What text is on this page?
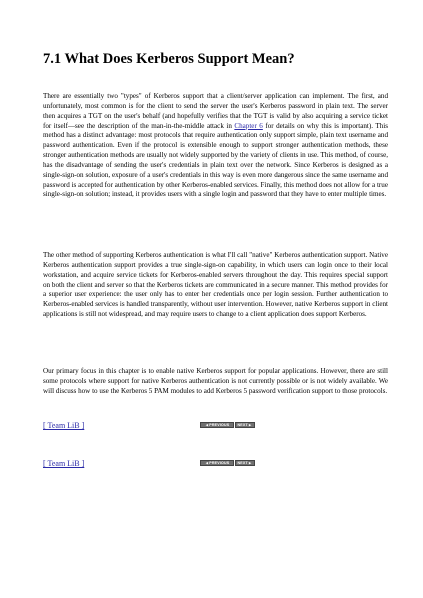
7.1 What Does Kerberos Support Mean?

There are essentially two "types" of Kerberos support that a client/server application can implement. The first, and unfortunately, most common is for the client to send the server the user's Kerberos password in plain text. The server then acquires a TGT on the user's behalf (and hopefully verifies that the TGT is valid by also acquiring a service ticket for itself—see the description of the man-in-the-middle attack in Chapter 6 for details on why this is important). This method has a distinct advantage: most protocols that require authentication only support simple, plain text username and password authentication. Even if the protocol is extensible enough to support stronger authentication methods, these stronger authentication methods are usually not widely supported by the variety of clients in use. This method, of course, has the disadvantage of sending the user's credentials in plain text over the network. Since Kerberos is designed as a single-sign-on solution, exposure of a user's credentials in this way is even more dangerous since the same username and password is accepted for authentication by other Kerberos-enabled services. Finally, this method does not allow for a true single-sign-on solution; instead, it provides users with a single login and password that they have to enter multiple times.

The other method of supporting Kerberos authentication is what I'll call "native" Kerberos authentication support. Native Kerberos authentication support provides a true single-sign-on capability, in which users can login once to their local workstation, and acquire service tickets for Kerberos-enabled servers throughout the day. This requires special support on both the client and server so that the Kerberos tickets are communicated in a secure manner. This method provides for a superior user experience: the user only has to enter her credentials once per login session. Further authentication to Kerberos-enabled services is handled transparently, without user intervention. However, native Kerberos support in client applications is still not widespread, and may require users to change to a client application does support Kerberos.

Our primary focus in this chapter is to enable native Kerberos support for popular applications. However, there are still some protocols where support for native Kerberos authentication is not currently possible or is not widely available. We will discuss how to use the Kerberos 5 PAM modules to add Kerberos 5 password verification support to those protocols.

[ Team LiB ]	◀ PREVIOUS NEXT ▶
[ Team LiB ]	◀ PREVIOUS NEXT ▶
